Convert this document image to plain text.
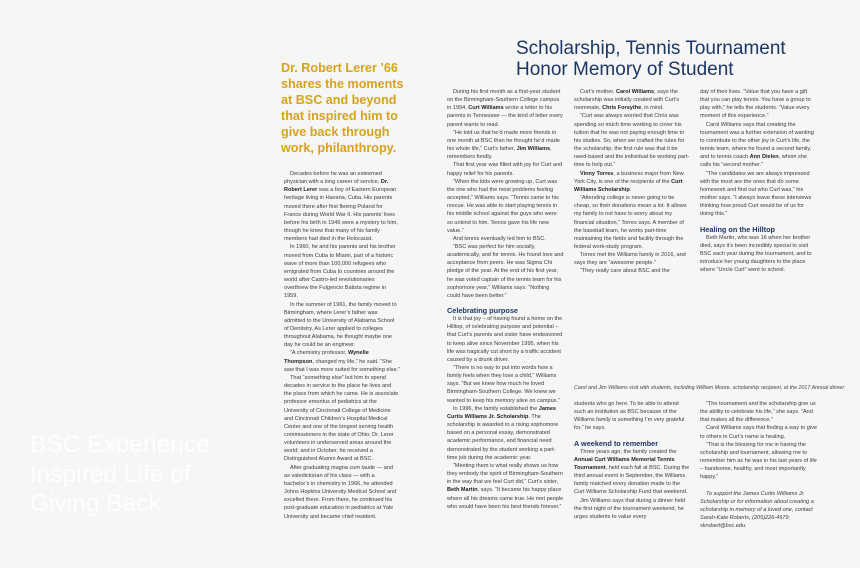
Dr. Robert Lerer ’66 shares the moments at BSC and beyond that inspired him to give back through work, philanthropy.
BSC Experience
Inspired Life of
Giving Back
Scholarship, Tennis Tournament
Honor Memory of Student

Decades before he was an esteemed physician with a long career of service, Dr. Robert Lerer was a boy of Eastern European heritage living in Havana, Cuba. His parents moved there after first fleeing Poland for France during World War II. His parents’ lives before his birth in 1946 were a mystery to him, though he knew that many of his family members had died in the Holocaust.

In 1960, he and his parents and his brother moved from Cuba to Miami, part of a historic wave of more than 100,000 refugees who emigrated from Cuba to countries around the world after Castro-led revolutionaries overthrew the Fulgencio Batista regime in 1959.

In the summer of 1961, the family moved to Birmingham, where Lerer’s father was admitted to the University of Alabama School of Dentistry. As Lerer applied to colleges throughout Alabama, he thought maybe one day he could be an engineer.

“A chemistry professor, Wynelle Thompson, changed my life,” he said. “She saw that I was more suited for something else.”

That “something else” led him to spend decades in service to the place he lives and the place from which he came. He is associate professor emeritus of pediatrics at the University of Cincinnati College of Medicine and Cincinnati Children’s Hospital Medical Center and one of the longest serving health commissioners in the state of Ohio; Dr. Lerer volunteers in underserved areas around the world; and in October, he received a Distinguished Alumni Award at BSC.

After graduating magna cum laude — and as valedictorian of his class — with a bachelor’s in chemistry in 1966, he attended Johns Hopkins University Medical School and excelled there. From there, he continued his post-graduate education in pediatrics at Yale University and became chief resident.

During his first month as a first-year student on the Birmingham-Southern College campus in 1994, Curt Williams wrote a letter to his parents in Tennessee — the kind of letter every parent wants to read.

“He told us that he’d made more friends in one month at BSC than he thought he’d made his whole life,” Curt’s father, Jim Williams, remembers fondly.

That first year was filled with joy for Curt and happy relief for his parents.

“When the kids were growing up, Curt was the one who had the most problems feeling accepted,” Williams says. “Tennis came to his rescue. He was able to start playing tennis in his middle school against the guys who were so unkind to him. Tennis gave his life new value.”

And tennis eventually led him to BSC.

“BSC was perfect for him socially, academically, and for tennis. He found love and acceptance from peers. He was Sigma Chi pledge of the year. At the end of his first year, he was voted captain of the tennis team for his sophomore year,” Williams says. “Nothing could have been better.”

Celebrating purpose

It is that joy – of having found a home on the Hilltop, of celebrating purpose and potential – that Curt’s parents and sister have endeavored to keep alive since November 1995, when his life was tragically cut short by a traffic accident caused by a drunk driver.

“There is no way to put into words how a family feels when they lose a child,” Williams says. “But we knew how much he loved Birmingham-Southern College. We knew we wanted to keep his memory alive on campus.”

In 1996, the family established the James Curtis Williams Jr. Scholarship. The scholarship is awarded to a rising sophomore based on a personal essay, demonstrated academic performance, and financial need demonstrated by the student working a part-time job during the academic year.

“Meeting them is what really shows us how they embody the spirit of Birmingham-Southern in the way that we feel Curt did,” Curt’s sister, Beth Martin, says. “It became his happy place where all his dreams came true. He met people who would have been his best friends forever.”

Curt’s mother, Carol Williams, says the scholarship was initially created with Curt’s roommate, Chris Forsythe, in mind.

“Curt was always worried that Chris was spending so much time working to cover his tuition that he was not paying enough time to his studies. So, when we crafted the rules for the scholarship, the first rule was that it be need-based and the individual be working part-time to help out.”

Vinny Torres, a business major from New York City, is one of the recipients of the Curt Williams Scholarship.

“Attending college is never going to be cheap, so their donations mean a lot. It allows my family to not have to worry about my financial situation,” Torres says. A member of the baseball team, he works part-time maintaining the fields and facility through the federal work-study program.

Torres met the Williams family in 2016, and says they are “awesome people.”

“They really care about BSC and the

day of their lives. “Value that you have a gift that you can play tennis. You have a group to play with,” he tells the students. “Value every moment of this experience.”

Carol Williams says that creating the tournament was a further extension of wanting to contribute to the other joy in Curt’s life, the tennis team, where he found a second family, and to tennis coach Ann Dielen, whom she calls his “second mother.”

“The candidates we are always impressed with the most are the ones that do some homework and find out who Curt was,” his mother says. “I always leave these interviews thinking how proud Curt would be of us for doing this.”

Healing on the Hilltop

Beth Martin, who was 16 when her brother died, says it’s been incredibly special to visit BSC each year during the tournament, and to introduce her young daughters to the place where “Uncle Curt” went to school.

Carol and Jim Williams visit with students, including William Moore, scholarship recipient, at the 2017 Annual dinner

students who go here. To be able to attend such an institution as BSC because of the Williams family is something I’m very grateful for,” he says.

A weekend to remember

Three years ago, the family created the Annual Curt Williams Memorial Tennis Tournament, held each fall at BSC. During the third annual event in September, the Williams family matched every donation made to the Curt Williams Scholarship Fund that weekend.

Jim Williams says that during a dinner held the first night of the tournament weekend, he urges students to value every

“The tournament and the scholarship give us the ability to celebrate his life,” she says. “And that makes all the difference.”

Carol Williams says that finding a way to give to others in Curt’s name is healing.

“That is the blessing for me in having the scholarship and tournament, allowing me to remember him as he was in his last years of life – handsome, healthy, and most importantly happy.”

To support the James Curtis Williams Jr. Scholarship or for information about creating a scholarship in memory of a loved one, contact Sarah-Kate Roberts, (205)226-4979; skrobert@bsc.edu.
